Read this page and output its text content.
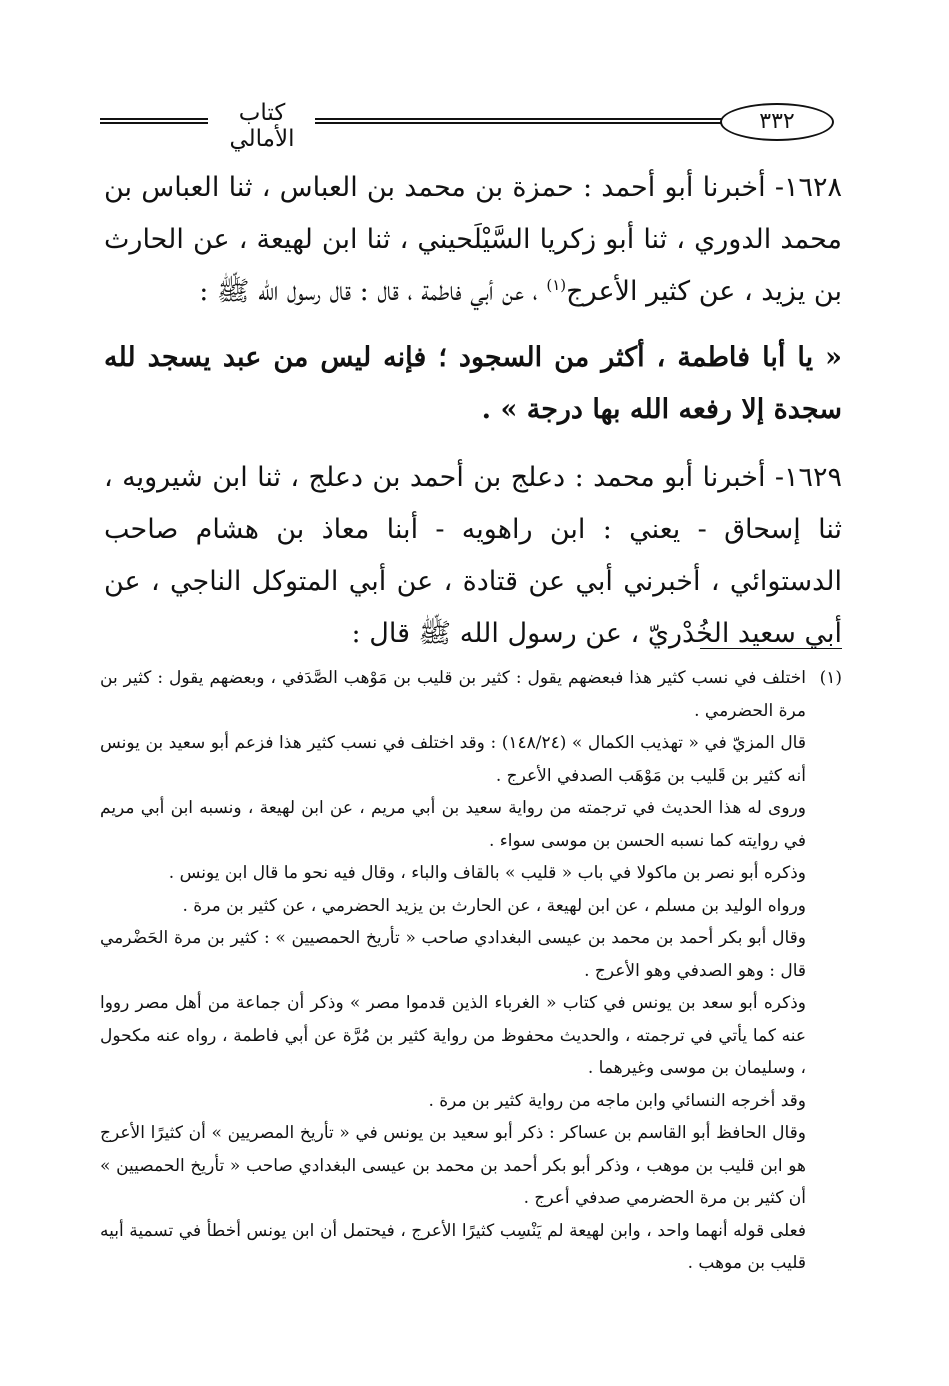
كتاب الأمالي
٣٣٢

١٦٢٨- أخبرنا أبو أحمد : حمزة بن محمد بن العباس ، ثنا العباس بن محمد الدوري ، ثنا أبو زكريا السَّيْلَحيني ، ثنا ابن لهيعة ، عن الحارث بن يزيد ، عن كثير الأعرج$^{(١)}$ ، عن أبي فاطمة ، قال : قال رسول الله ﷺ :

« يا أبا فاطمة ، أكثر من السجود ؛ فإنه ليس من عبد يسجد لله سجدة إلا رفعه الله بها درجة » .

١٦٢٩- أخبرنا أبو محمد : دعلج بن أحمد بن دعلج ، ثنا ابن شيرويه ، ثنا إسحاق - يعني : ابن راهويه - أبنا معاذ بن هشام صاحب الدستوائي ، أخبرني أبي عن قتادة ، عن أبي المتوكل الناجي ، عن أبي سعيد الخُدْريّ ، عن رسول الله ﷺ قال :

(١)
اختلف في نسب كثير هذا فبعضهم يقول : كثير بن قليب بن مَوْهب الصَّدَفي ، وبعضهم يقول : كثير بن مرة الحضرمي .

قال المزيّ في « تهذيب الكمال » (١٤٨/٢٤) : وقد اختلف في نسب كثير هذا فزعم أبو سعيد بن يونس أنه كثير بن قَليب بن مَوْهَب الصدفي الأعرج .

وروى له هذا الحديث في ترجمته من رواية سعيد بن أبي مريم ، عن ابن لهيعة ، ونسبه ابن أبي مريم في روايته كما نسبه الحسن بن موسى سواء .

وذكره أبو نصر بن ماكولا في باب « قليب » بالقاف والباء ، وقال فيه نحو ما قال ابن يونس .

ورواه الوليد بن مسلم ، عن ابن لهيعة ، عن الحارث بن يزيد الحضرمي ، عن كثير بن مرة .

وقال أبو بكر أحمد بن محمد بن عيسى البغدادي صاحب « تأريخ الحمصيين » : كثير بن مرة الحَضْرمي قال : وهو الصدفي وهو الأعرج .

وذكره أبو سعد بن يونس في كتاب « الغرباء الذين قدموا مصر » وذكر أن جماعة من أهل مصر رووا عنه كما يأتي في ترجمته ، والحديث محفوظ من رواية كثير بن مُرَّة عن أبي فاطمة ، رواه عنه مكحول ، وسليمان بن موسى وغيرهما .

وقد أخرجه النسائي وابن ماجه من رواية كثير بن مرة .

وقال الحافظ أبو القاسم بن عساكر : ذكر أبو سعيد بن يونس في « تأريخ المصريين » أن كثيرًا الأعرج هو ابن قليب بن موهب ، وذكر أبو بكر أحمد بن محمد بن عيسى البغدادي صاحب « تأريخ الحمصيين » أن كثير بن مرة الحضرمي صدفي أعرج .

فعلى قوله أنهما واحد ، وابن لهيعة لم يَنْسِب كثيرًا الأعرج ، فيحتمل أن ابن يونس أخطأ في تسمية أبيه قليب بن موهب .
